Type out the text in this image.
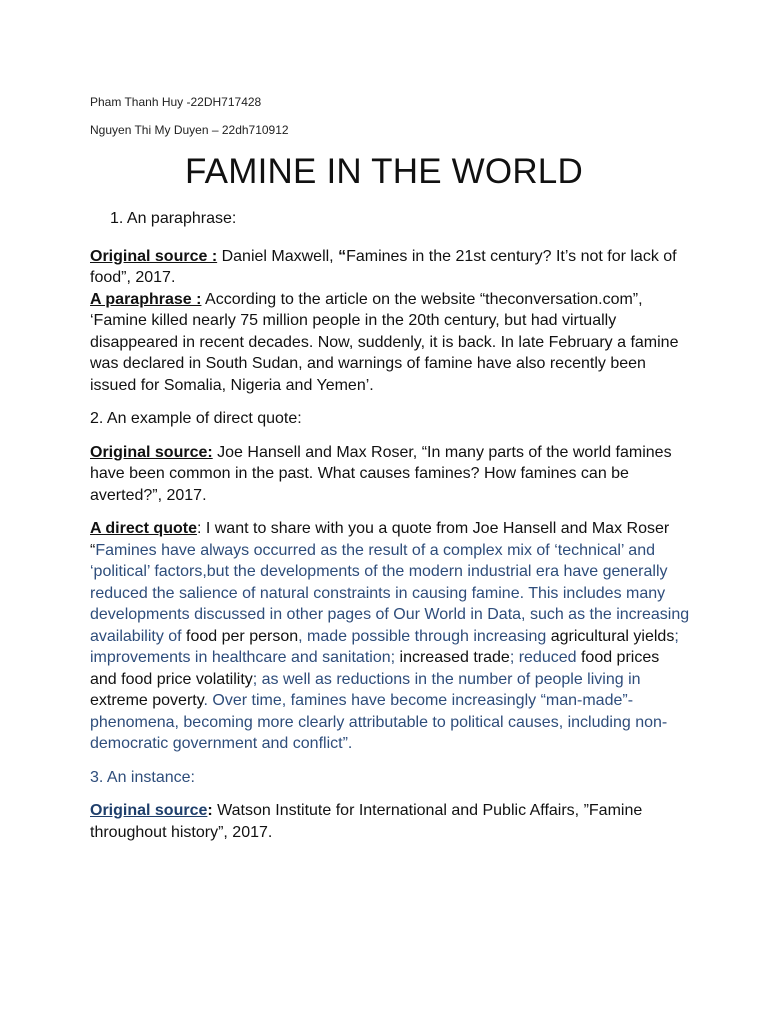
Pham Thanh Huy -22DH717428

Nguyen Thi My Duyen – 22dh710912

FAMINE IN THE WORLD

1. An paraphrase:

Original source : Daniel Maxwell, “Famines in the 21st century? It’s not for lack of food”, 2017.

A paraphrase : According to the article on the website “theconversation.com”, ‘Famine killed nearly 75 million people in the 20th century, but had virtually disappeared in recent decades. Now, suddenly, it is back. In late February a famine was declared in South Sudan, and warnings of famine have also recently been issued for Somalia, Nigeria and Yemen’.

2. An example of direct quote:

Original source: Joe Hansell and Max Roser, “In many parts of the world famines have been common in the past. What causes famines? How famines can be averted?”, 2017.

A direct quote: I want to share with you a quote from Joe Hansell and Max Roser “Famines have always occurred as the result of a complex mix of ‘technical’ and ‘political’ factors,but the developments of the modern industrial era have generally reduced the salience of natural constraints in causing famine. This includes many developments discussed in other pages of Our World in Data, such as the increasing availability of food per person, made possible through increasing agricultural yields; improvements in healthcare and sanitation; increased trade; reduced food prices and food price volatility; as well as reductions in the number of people living in extreme poverty. Over time, famines have become increasingly “man-made”-phenomena, becoming more clearly attributable to political causes, including non-democratic government and conflict”.

3. An instance:

Original source: Watson Institute for International and Public Affairs, ”Famine throughout history”, 2017.
